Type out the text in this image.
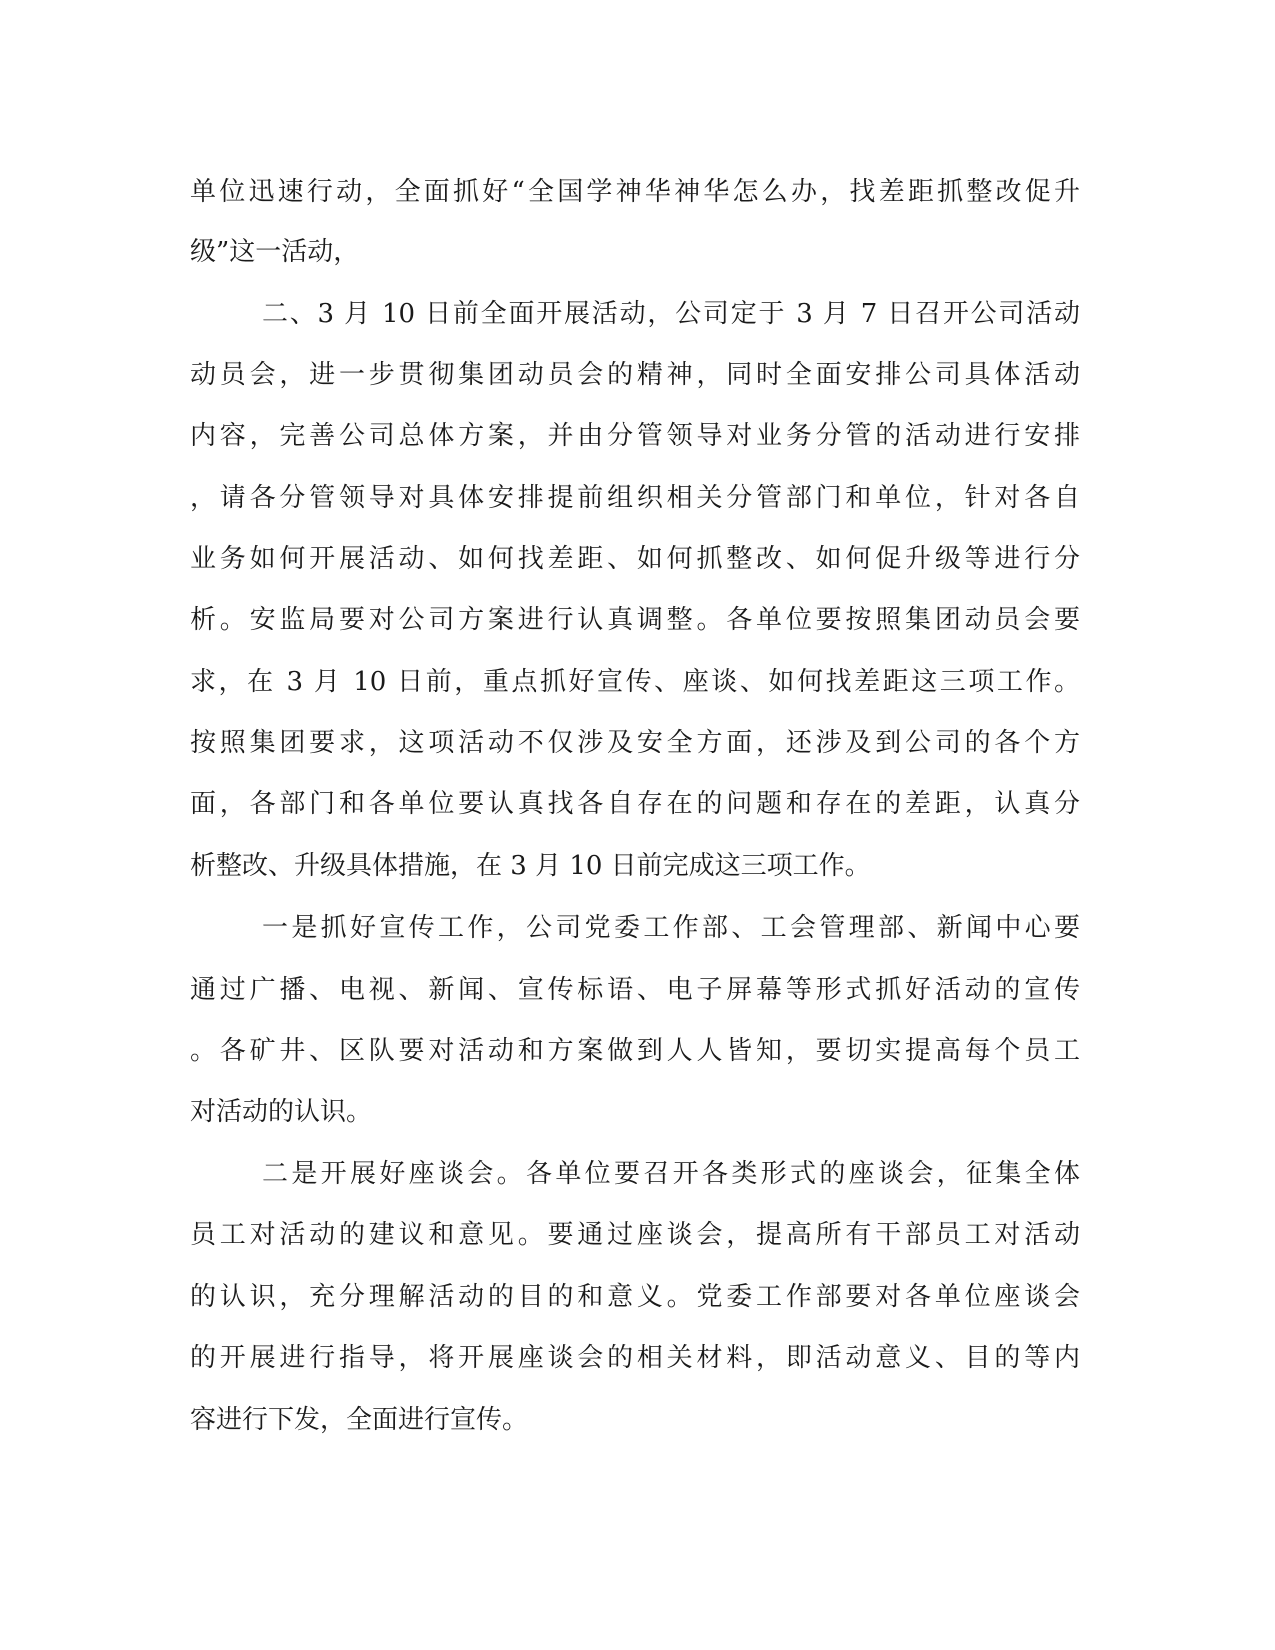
单位迅速行动，全面抓好“全国学神华神华怎么办，找差距抓整改促升
级”这一活动，
二、3 月 10 日前全面开展活动，公司定于 3 月 7 日召开公司活动
动员会，进一步贯彻集团动员会的精神，同时全面安排公司具体活动
内容，完善公司总体方案，并由分管领导对业务分管的活动进行安排
，请各分管领导对具体安排提前组织相关分管部门和单位，针对各自
业务如何开展活动、如何找差距、如何抓整改、如何促升级等进行分
析。安监局要对公司方案进行认真调整。各单位要按照集团动员会要
求，在 3 月 10 日前，重点抓好宣传、座谈、如何找差距这三项工作。
按照集团要求，这项活动不仅涉及安全方面，还涉及到公司的各个方
面，各部门和各单位要认真找各自存在的问题和存在的差距，认真分
析整改、升级具体措施，在 3 月 10 日前完成这三项工作。
一是抓好宣传工作，公司党委工作部、工会管理部、新闻中心要
通过广播、电视、新闻、宣传标语、电子屏幕等形式抓好活动的宣传
。各矿井、区队要对活动和方案做到人人皆知，要切实提高每个员工
对活动的认识。
二是开展好座谈会。各单位要召开各类形式的座谈会，征集全体
员工对活动的建议和意见。要通过座谈会，提高所有干部员工对活动
的认识，充分理解活动的目的和意义。党委工作部要对各单位座谈会
的开展进行指导，将开展座谈会的相关材料，即活动意义、目的等内
容进行下发，全面进行宣传。
